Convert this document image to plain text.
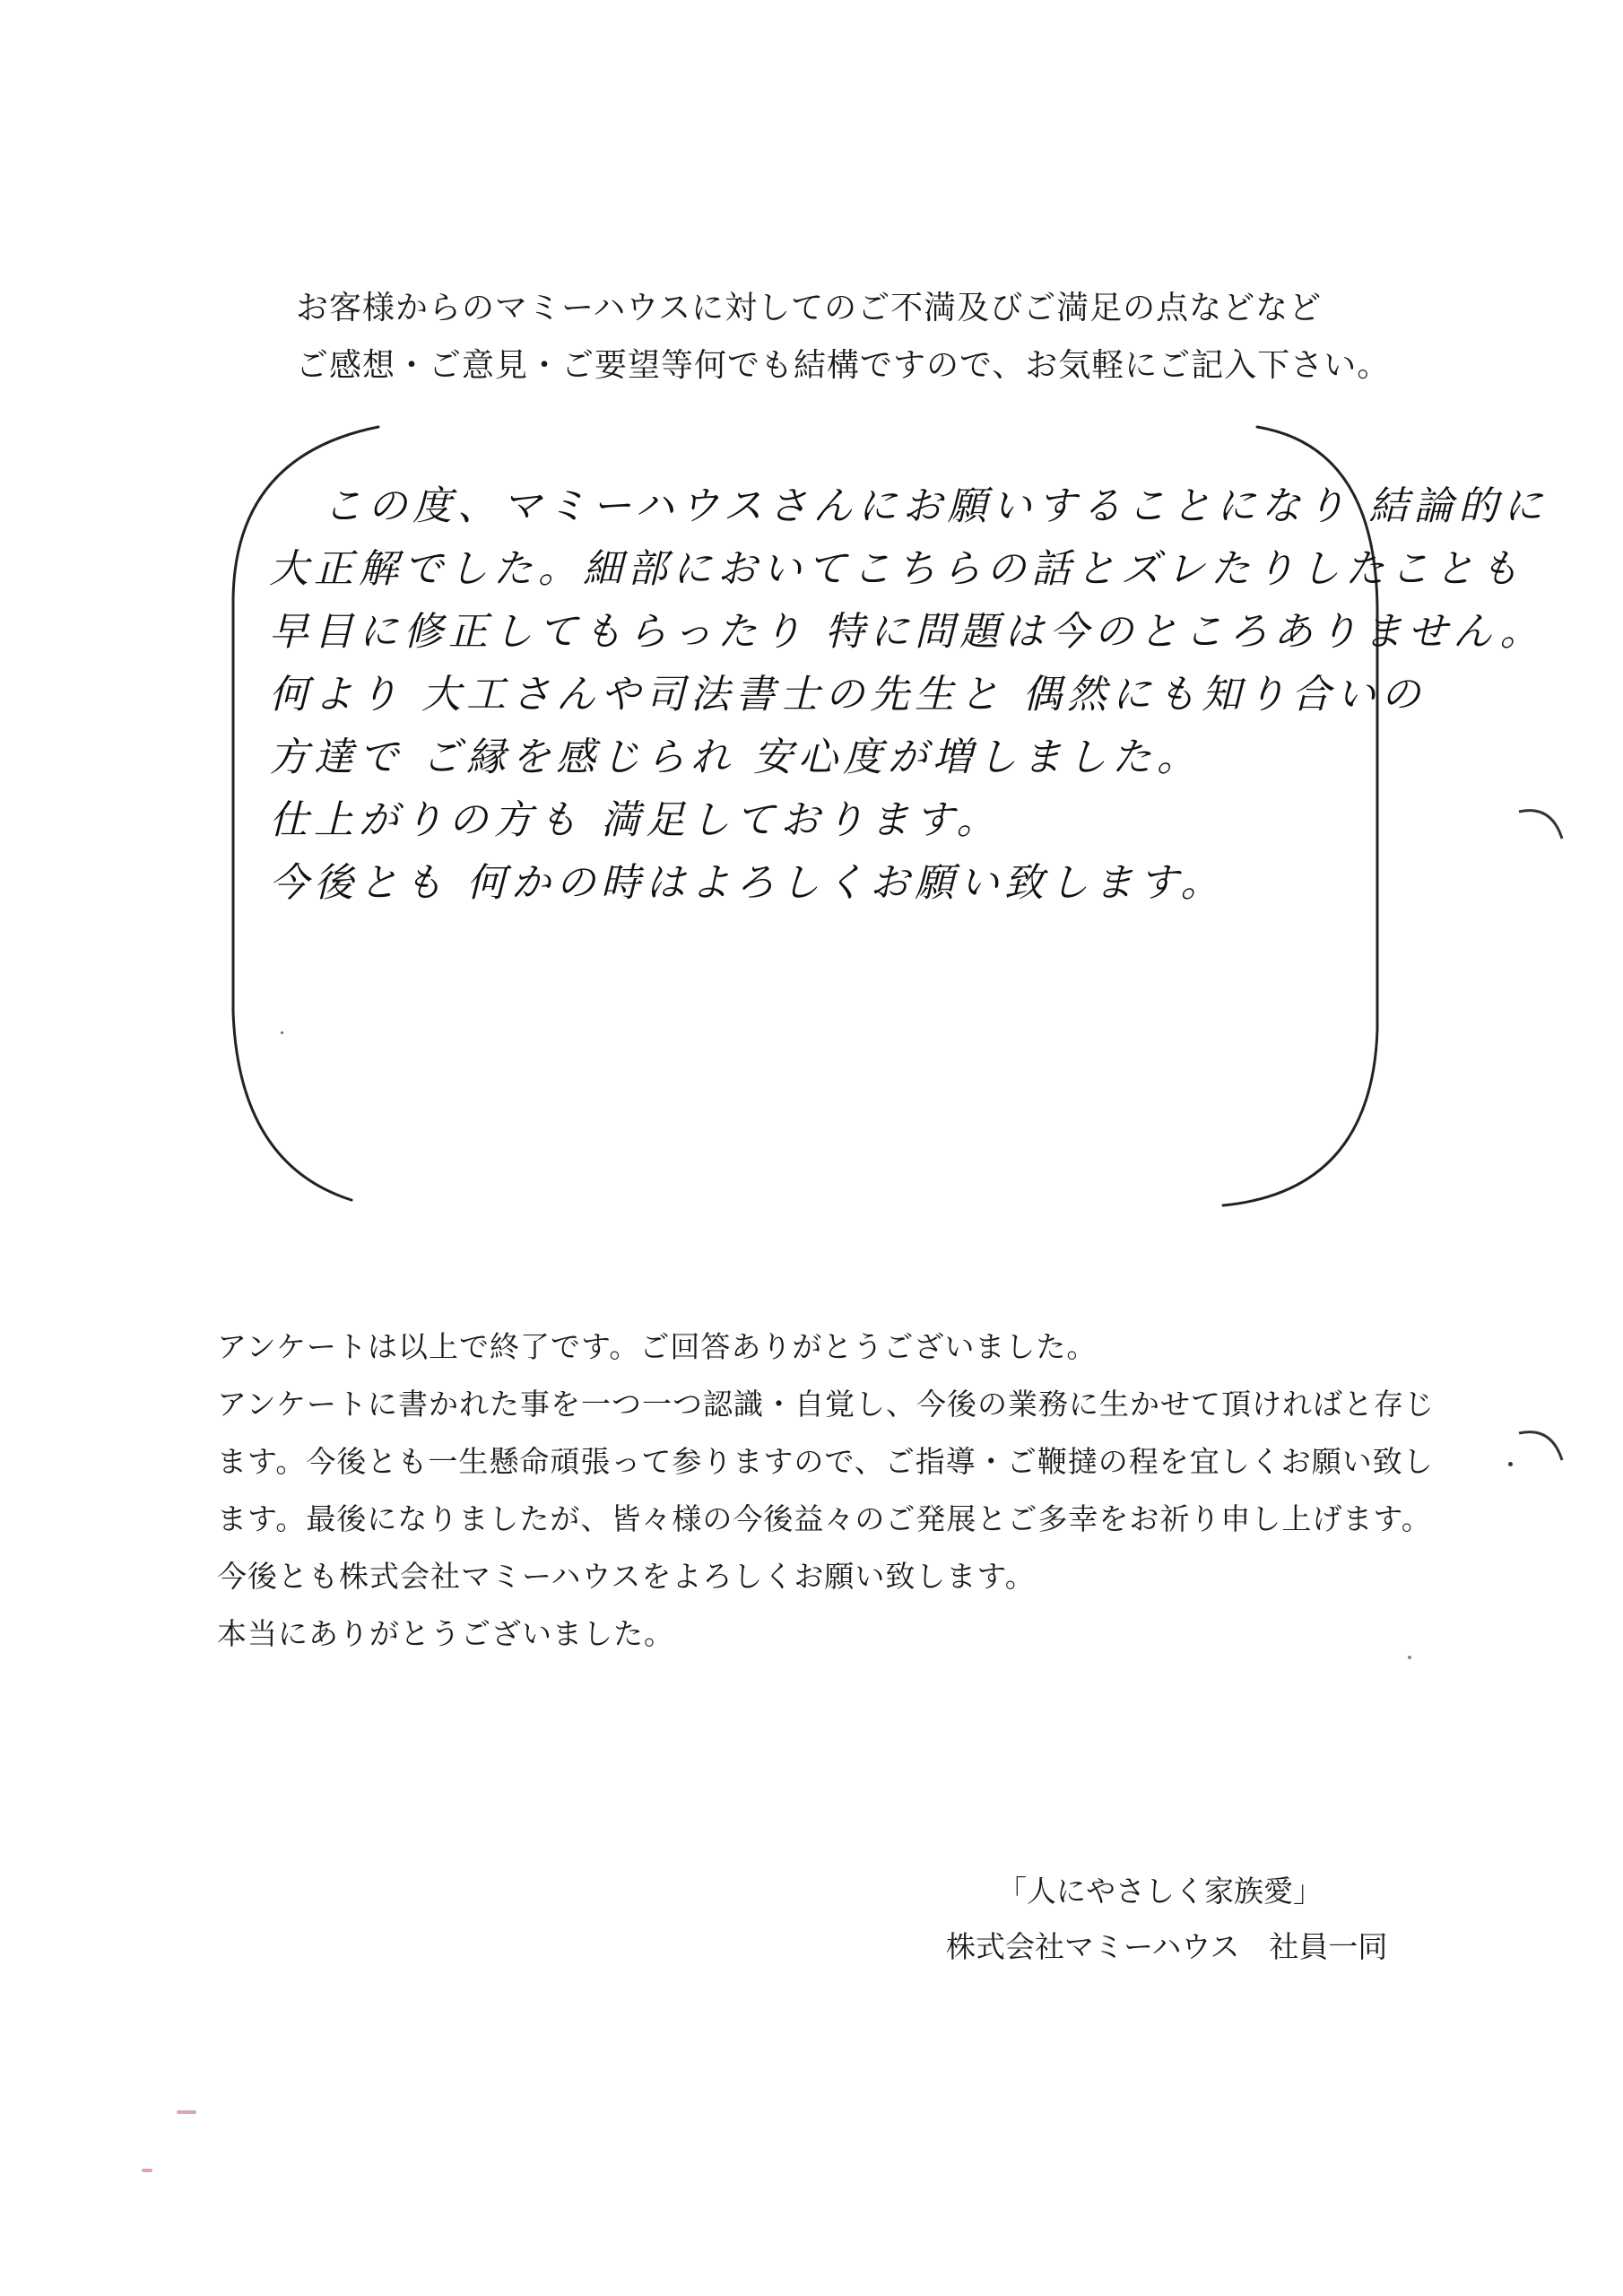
お客様からのマミーハウスに対してのご不満及びご満足の点などなど
ご感想・ご意見・ご要望等何でも結構ですので、お気軽にご記入下さい。
この度、マミーハウスさんにお願いすることになり 結論的に
大正解でした。細部においてこちらの話とズレたりしたことも
早目に修正してもらったり 特に問題は今のところありません。
何より 大工さんや司法書士の先生と 偶然にも知り合いの
方達で ご縁を感じられ 安心度が増しました。
仕上がりの方も 満足しております。
今後とも 何かの時はよろしくお願い致します。
アンケートは以上で終了です。ご回答ありがとうございました。
アンケートに書かれた事を一つ一つ認識・自覚し、今後の業務に生かせて頂ければと存じ
ます。今後とも一生懸命頑張って参りますので、ご指導・ご鞭撻の程を宜しくお願い致し
ます。最後になりましたが、皆々様の今後益々のご発展とご多幸をお祈り申し上げます。
今後とも株式会社マミーハウスをよろしくお願い致します。
本当にありがとうございました。
「人にやさしく家族愛」
株式会社マミーハウス　社員一同
